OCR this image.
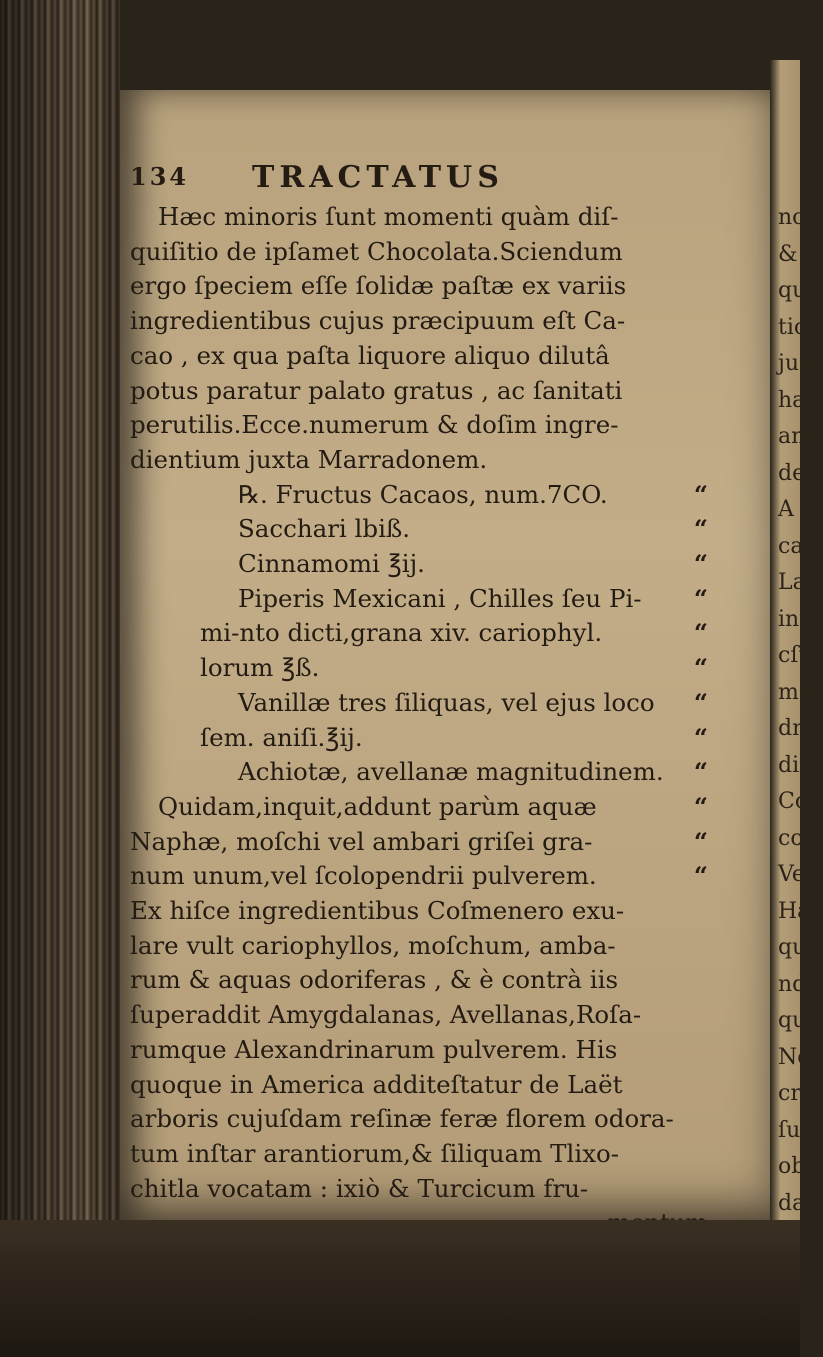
ncti
& O
qui
tior
juq
hæ
ant
deſ
A
cati
Lat
int
cſt
ma
dni
diſ
Co
cor
Ve
Ha
que
nd
qu
Ne
cre
ſu
ob
da
134 TRACTATUS
Hæc minoris ſunt momenti quàm diſ-
quiſitio de ipſamet Chocolata.Sciendum
ergo ſpeciem eſſe ſolidæ paſtæ ex variis
ingredientibus cujus præcipuum eſt Ca-
cao , ex qua paſta liquore aliquo dilutâ
potus paratur palato gratus , ac ſanitati
perutilis.Ecce.numerum & doſim ingre-
dientium juxta Marradonem.
℞. Fructus Cacaos, num.7CO.	“
Sacchari lbiß.	“
Cinnamomi ℥ij.	“
Piperis Mexicani , Chilles ſeu Pi- “
mi-nto dicti,grana xiv. cariophyl.	“
lorum ℥ß.	“
Vanillæ tres ſiliquas, vel ejus loco “
ſem. aniſi.℥ij.	“
Achiotæ, avellanæ magnitudinem. “
Quidam,inquit,addunt parùm aquæ	“
Naphæ, moſchi vel ambari griſei gra-	“
num unum,vel ſcolopendrii pulverem.	“
Ex hiſce ingredientibus Coſmenero exu-
lare vult cariophyllos, moſchum, amba-
rum & aquas odoriferas , & è contrà iis
ſuperaddit Amygdalanas, Avellanas,Roſa-
rumque Alexandrinarum pulverem. His
quoque in America additeſtatur de Laët
arboris cujuſdam reſinæ feræ florem odora-
tum inſtar arantiorum,& ſiliquam Tlixo-
chitla vocatam : ixiò & Turcicum fru-
